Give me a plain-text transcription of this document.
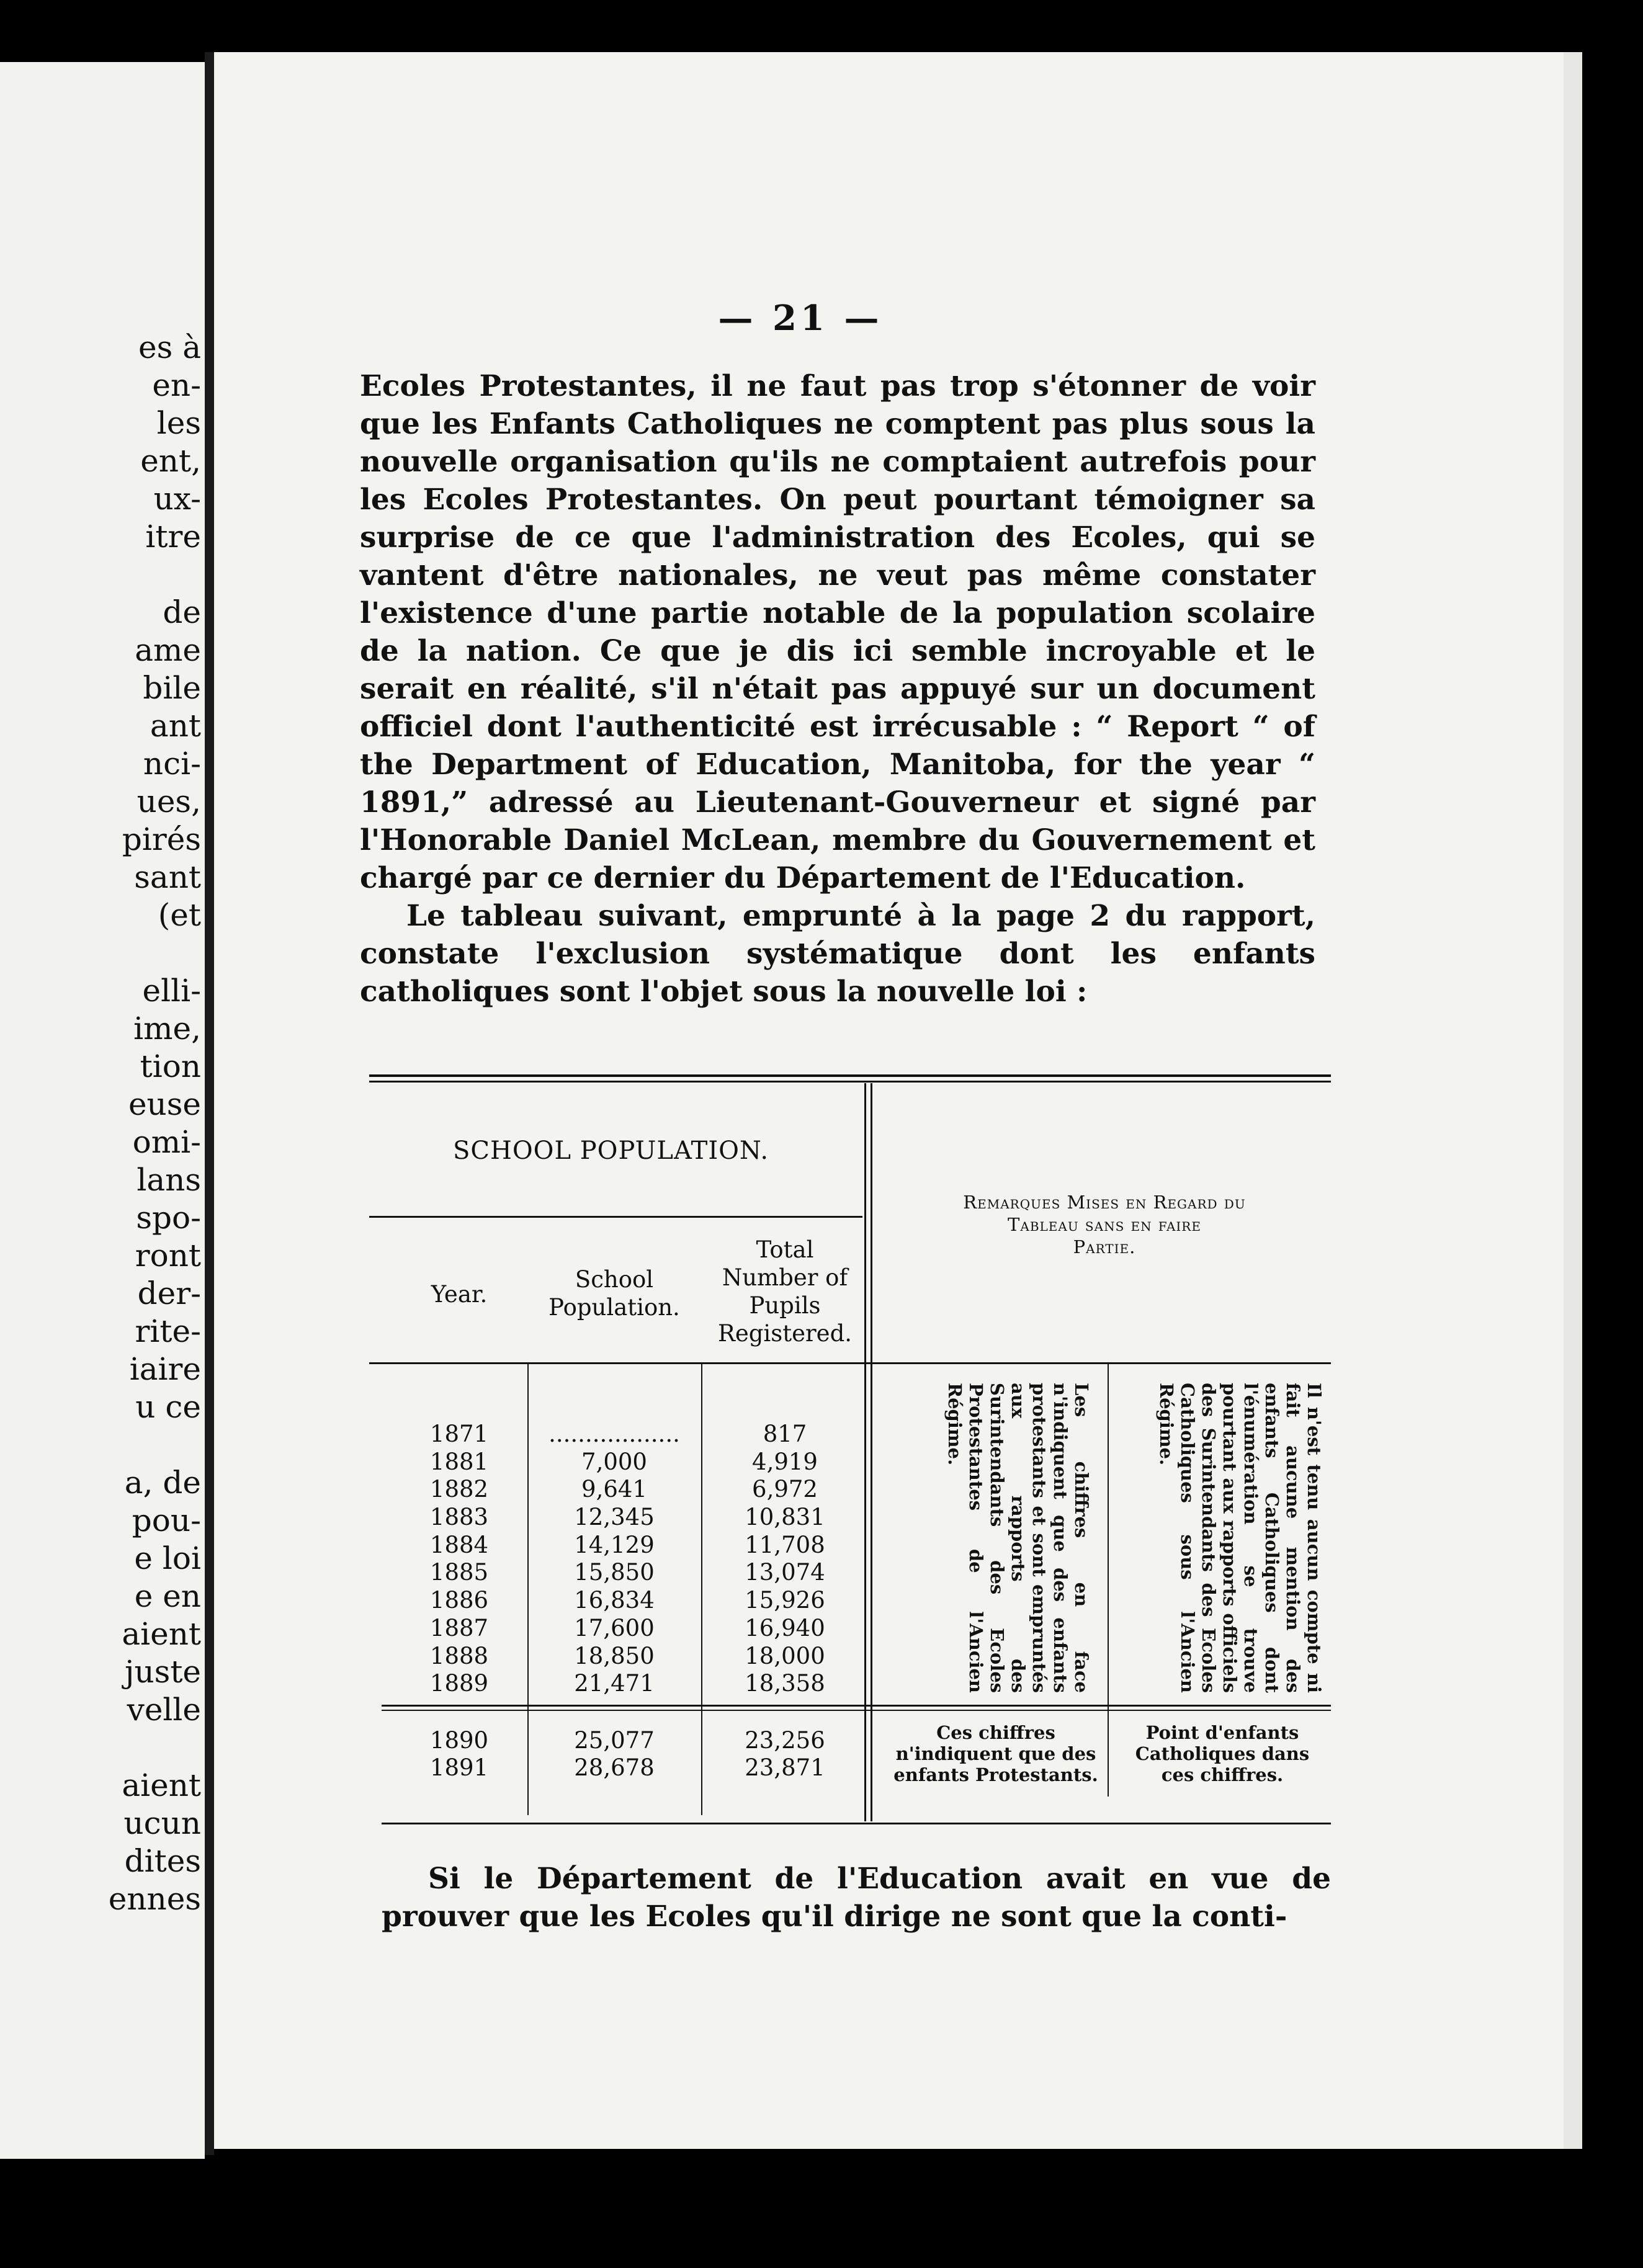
es à
en-
les
ent,
ux-
itre

de
ame
bile
ant
nci-
ues,
pirés
sant
(et

elli-
ime,
tion
euse
omi-
lans
spo-
ront
der-
rite-
iaire
u ce

a, de
pou-
e loi
e en
aient
juste
velle

aient
ucun
dites
ennes
— 21 —

Ecoles Protestantes, il ne faut pas trop s'étonner de voir que les Enfants Catholiques ne comptent pas plus sous la nouvelle organisation qu'ils ne comptaient autrefois pour les Ecoles Protestantes. On peut pourtant témoigner sa surprise de ce que l'administration des Ecoles, qui se vantent d'être nationales, ne veut pas même constater l'existence d'une partie notable de la population scolaire de la nation. Ce que je dis ici semble incroyable et le serait en réalité, s'il n'était pas appuyé sur un document officiel dont l'authenticité est irrécusable : “ Report “ of the Department of Education, Manitoba, for the year “ 1891,” adressé au Lieutenant-Gouverneur et signé par l'Honorable Daniel McLean, membre du Gouvernement et chargé par ce dernier du Département de l'Education.

Le tableau suivant, emprunté à la page 2 du rapport, constate l'exclusion systématique dont les enfants catholiques sont l'objet sous la nouvelle loi :

SCHOOL POPULATION.
Year.
School
Population.
Total
Number of
Pupils
Registered.
Remarques Mises en Regard du
Tableau sans en faire
Partie.
1871
1881
1882
1883
1884
1885
1886
1887
1888
1889
..................
7,000
9,641
12,345
14,129
15,850
16,834
17,600
18,850
21,471
817
4,919
6,972
10,831
11,708
13,074
15,926
16,940
18,000
18,358
1890
1891
25,077
28,678
23,256
23,871
Les chiffres en face n'indiquent que des enfants protestants et sont empruntés aux rapports des Surintendants des Ecoles Protestantes de l'Ancien Régime.	Il n'est tenu aucun compte ni fait aucune mention des enfants Catholiques dont l'énumération se trouve pourtant aux rapports officiels des Surintendants des Ecoles Catholiques sous l'Ancien Régime.
Ces chiffres n'indiquent que des enfants Protestants.
Point d'enfants Catholiques dans ces chiffres.

Si le Département de l'Education avait en vue de prouver que les Ecoles qu'il dirige ne sont que la conti-
